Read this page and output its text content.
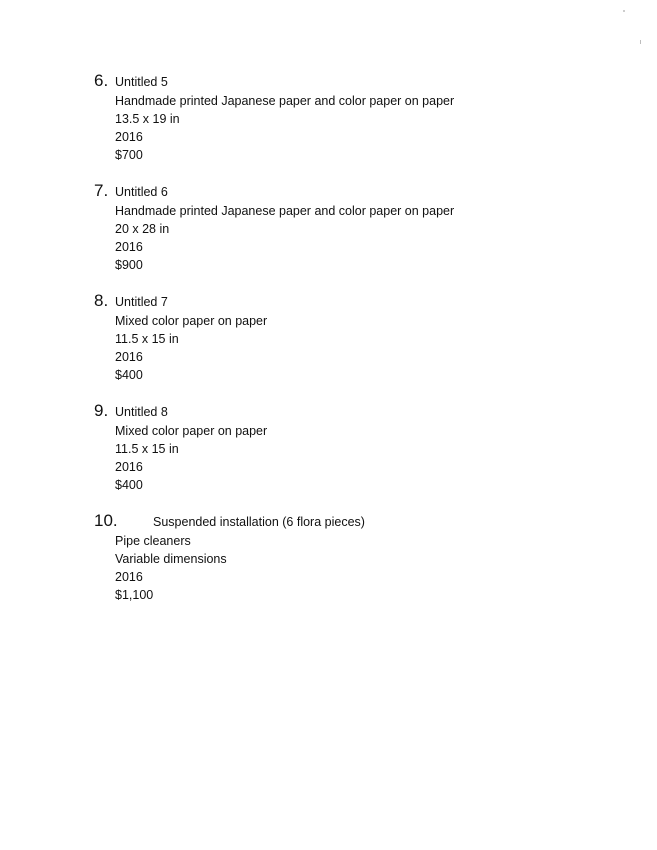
6. Untitled 5
Handmade printed Japanese paper and color paper on paper
13.5 x 19 in
2016
$700
7. Untitled 6
Handmade printed Japanese paper and color paper on paper
20 x 28 in
2016
$900
8. Untitled 7
Mixed color paper on paper
11.5 x 15 in
2016
$400
9. Untitled 8
Mixed color paper on paper
11.5 x 15 in
2016
$400
10.	Suspended installation (6 flora pieces)
Pipe cleaners
Variable dimensions
2016
$1,100
